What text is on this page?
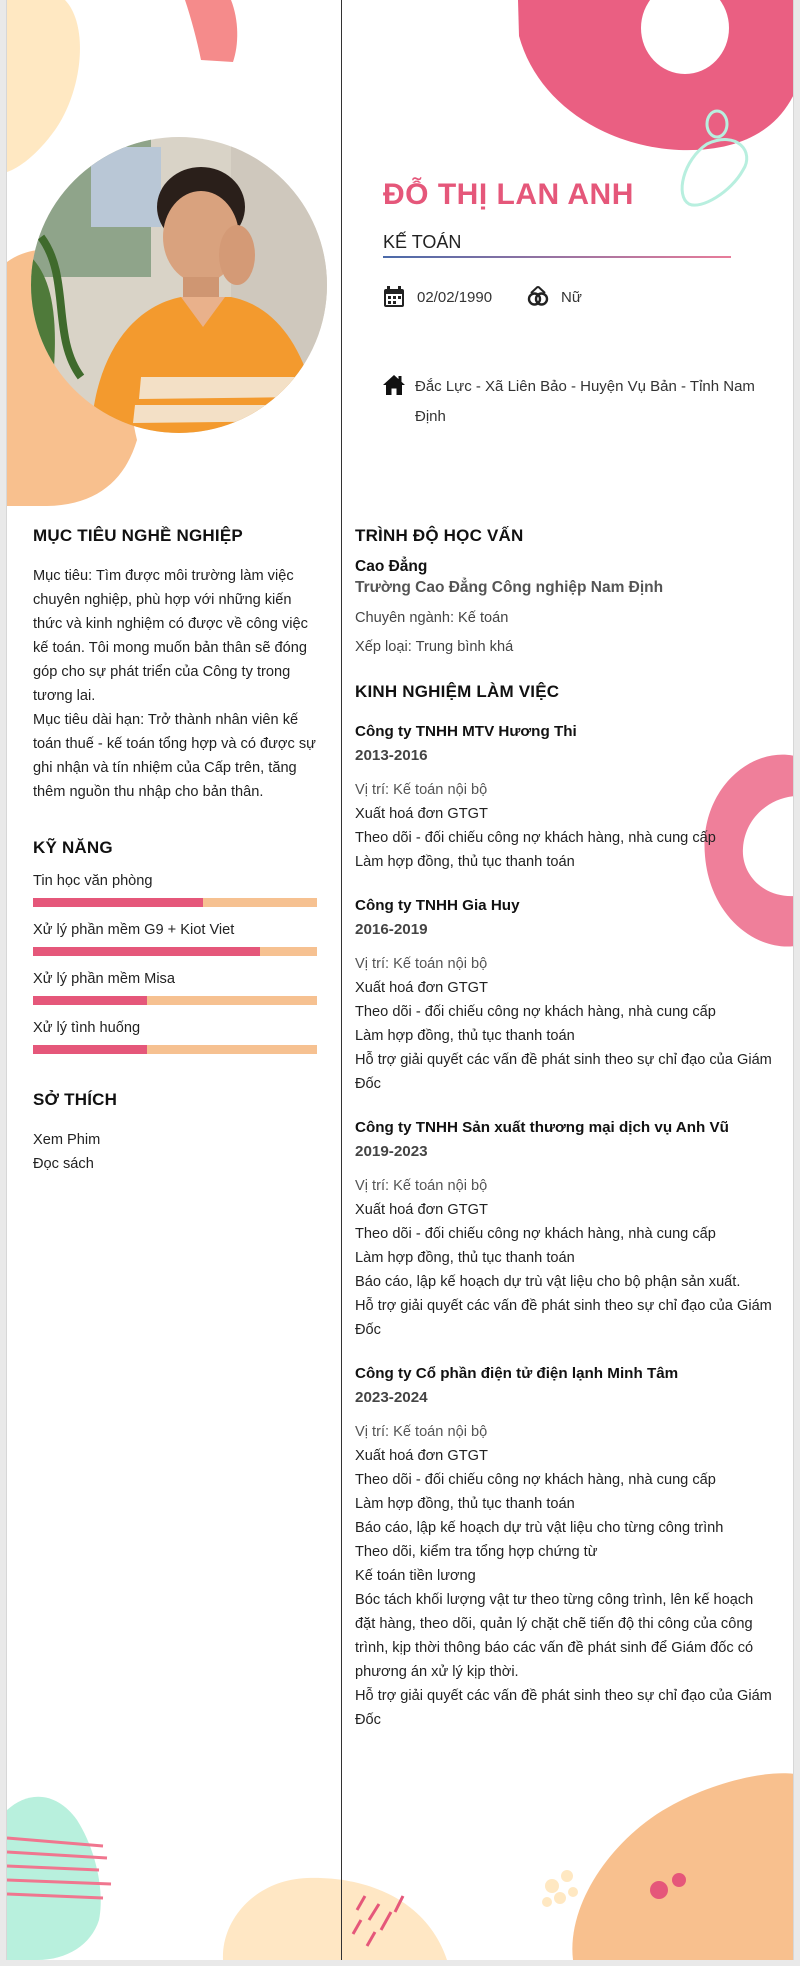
ĐỖ THỊ LAN ANH
KẾ TOÁN
02/02/1990	Nữ
Đắc Lực - Xã Liên Bảo - Huyện Vụ Bản - Tỉnh Nam Định
MỤC TIÊU NGHỀ NGHIỆP
Mục tiêu: Tìm được môi trường làm việc chuyên nghiệp, phù hợp với những kiến thức và kinh nghiệm có được về công việc kế toán. Tôi mong muốn bản thân sẽ đóng góp cho sự phát triển của Công ty trong tương lai.
Mục tiêu dài hạn: Trở thành nhân viên kế toán thuế - kế toán tổng hợp và có được sự ghi nhận và tín nhiệm của Cấp trên, tăng thêm nguồn thu nhập cho bản thân.
KỸ NĂNG
Tin học văn phòng
Xử lý phần mềm G9 + Kiot Viet
Xử lý phần mềm Misa
Xử lý tình huống
SỞ THÍCH
Xem Phim
Đọc sách
TRÌNH ĐỘ HỌC VẤN
Cao Đẳng
Trường Cao Đẳng Công nghiệp Nam Định
Chuyên ngành: Kế toán
Xếp loại: Trung bình khá
KINH NGHIỆM LÀM VIỆC
Công ty TNHH MTV Hương Thi
2013-2016
Vị trí: Kế toán nội bộ
Xuất hoá đơn GTGT
Theo dõi - đối chiếu công nợ khách hàng, nhà cung cấp
Làm hợp đồng, thủ tục thanh toán
Công ty TNHH Gia Huy
2016-2019
Vị trí: Kế toán nội bộ
Xuất hoá đơn GTGT
Theo dõi - đối chiếu công nợ khách hàng, nhà cung cấp
Làm hợp đồng, thủ tục thanh toán
Hỗ trợ giải quyết các vấn đề phát sinh theo sự chỉ đạo của Giám Đốc
Công ty TNHH Sản xuất thương mại dịch vụ Anh Vũ
2019-2023
Vị trí: Kế toán nội bộ
Xuất hoá đơn GTGT
Theo dõi - đối chiếu công nợ khách hàng, nhà cung cấp
Làm hợp đồng, thủ tục thanh toán
Báo cáo, lập kế hoạch dự trù vật liệu cho bộ phận sản xuất.
Hỗ trợ giải quyết các vấn đề phát sinh theo sự chỉ đạo của Giám Đốc
Công ty Cổ phần điện tử điện lạnh Minh Tâm
2023-2024
Vị trí: Kế toán nội bộ
Xuất hoá đơn GTGT
Theo dõi - đối chiếu công nợ khách hàng, nhà cung cấp
Làm hợp đồng, thủ tục thanh toán
Báo cáo, lập kế hoạch dự trù vật liệu cho từng công trình
Theo dõi, kiểm tra tổng hợp chứng từ
Kế toán tiền lương
Bóc tách khối lượng vật tư theo từng công trình, lên kế hoạch đặt hàng, theo dõi, quản lý chặt chẽ tiến độ thi công của công trình, kịp thời thông báo các vấn đề phát sinh để Giám đốc có phương án xử lý kịp thời.
Hỗ trợ giải quyết các vấn đề phát sinh theo sự chỉ đạo của Giám Đốc
